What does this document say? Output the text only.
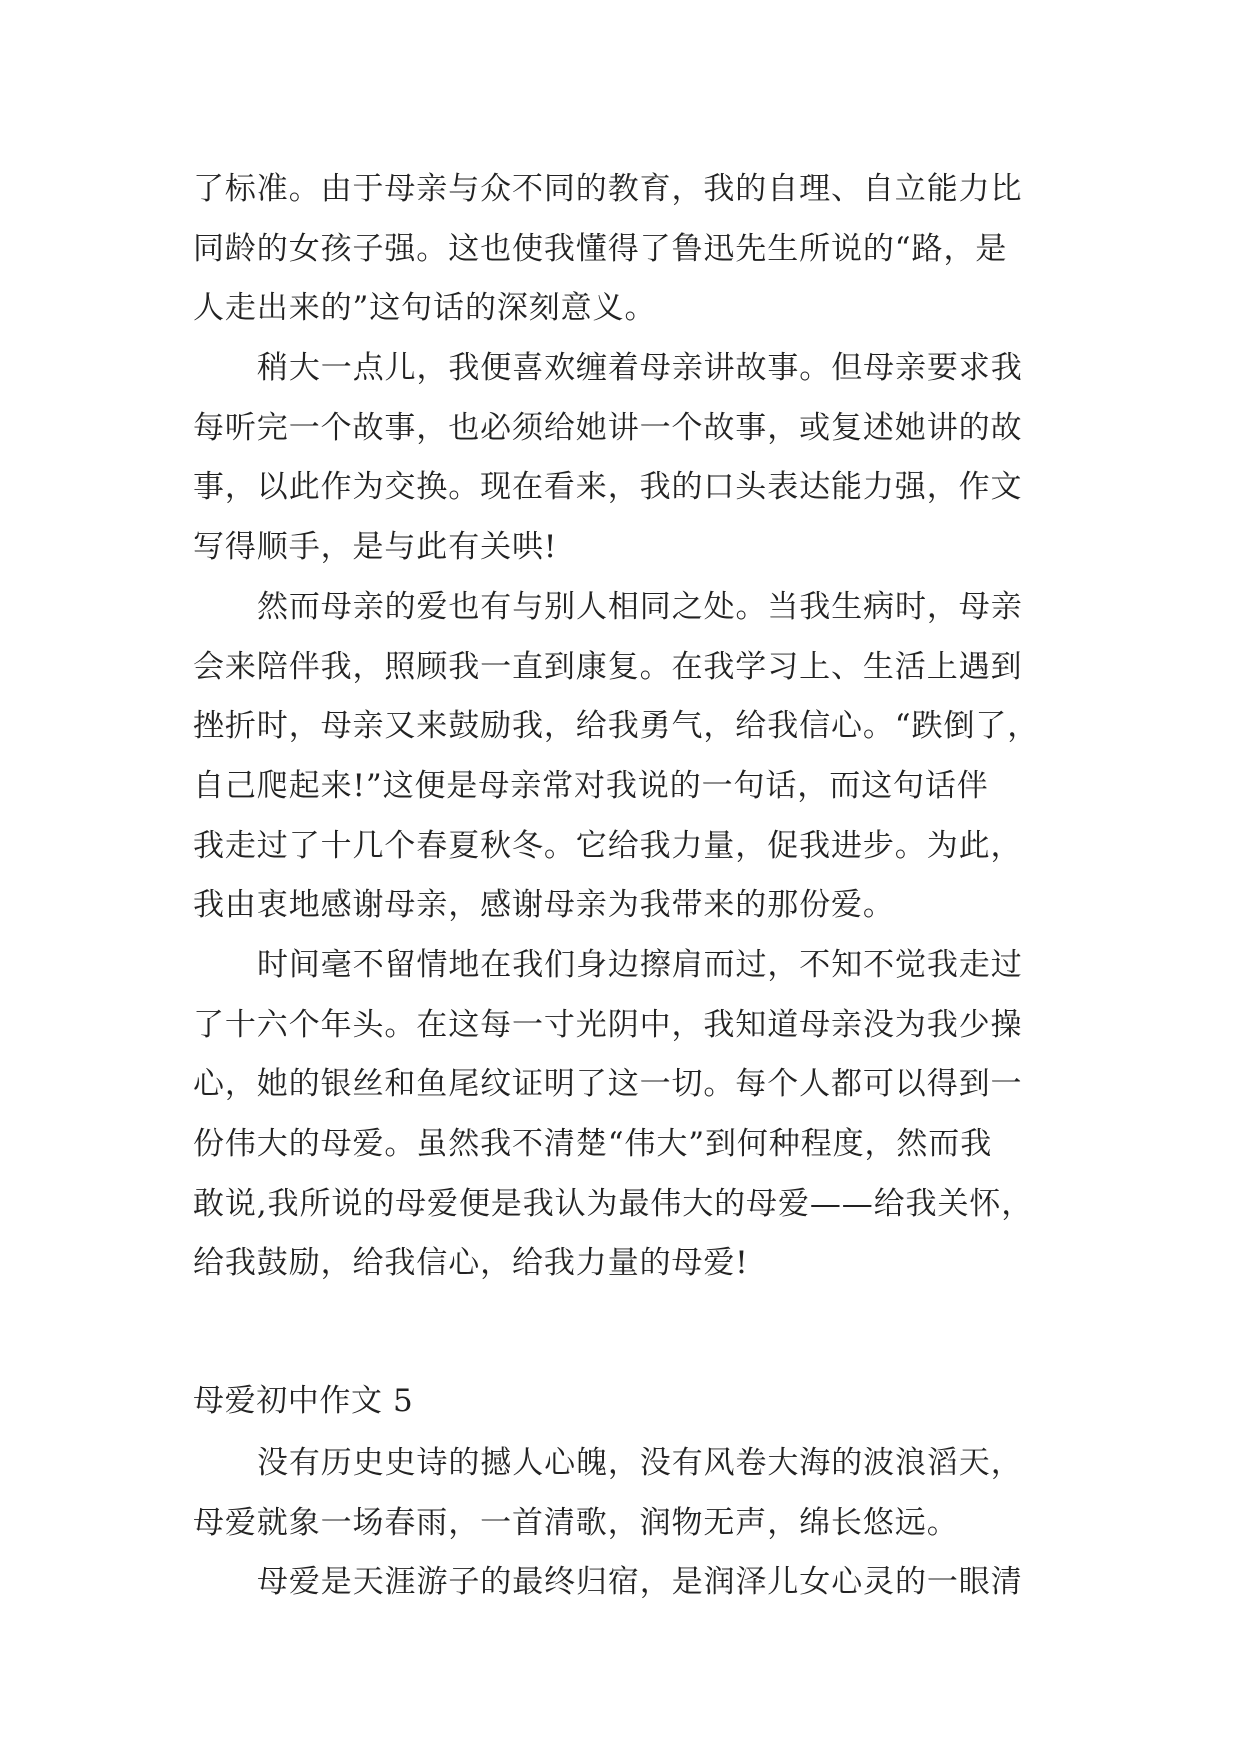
了标准。由于母亲与众不同的教育，我的自理、自立能力比
同龄的女孩子强。这也使我懂得了鲁迅先生所说的“路，是
人走出来的”这句话的深刻意义。
稍大一点儿，我便喜欢缠着母亲讲故事。但母亲要求我
每听完一个故事，也必须给她讲一个故事，或复述她讲的故
事，以此作为交换。现在看来，我的口头表达能力强，作文
写得顺手，是与此有关哄!
然而母亲的爱也有与别人相同之处。当我生病时，母亲
会来陪伴我，照顾我一直到康复。在我学习上、生活上遇到
挫折时，母亲又来鼓励我，给我勇气，给我信心。“跌倒了，
自己爬起来!”这便是母亲常对我说的一句话，而这句话伴
我走过了十几个春夏秋冬。它给我力量，促我进步。为此，
我由衷地感谢母亲，感谢母亲为我带来的那份爱。
时间毫不留情地在我们身边擦肩而过，不知不觉我走过
了十六个年头。在这每一寸光阴中，我知道母亲没为我少操
心，她的银丝和鱼尾纹证明了这一切。每个人都可以得到一
份伟大的母爱。虽然我不清楚“伟大”到何种程度，然而我
敢说,我所说的母爱便是我认为最伟大的母爱——给我关怀，
给我鼓励，给我信心，给我力量的母爱!
母爱初中作文 5
没有历史史诗的撼人心魄，没有风卷大海的波浪滔天，
母爱就象一场春雨，一首清歌，润物无声，绵长悠远。
母爱是天涯游子的最终归宿，是润泽儿女心灵的一眼清
